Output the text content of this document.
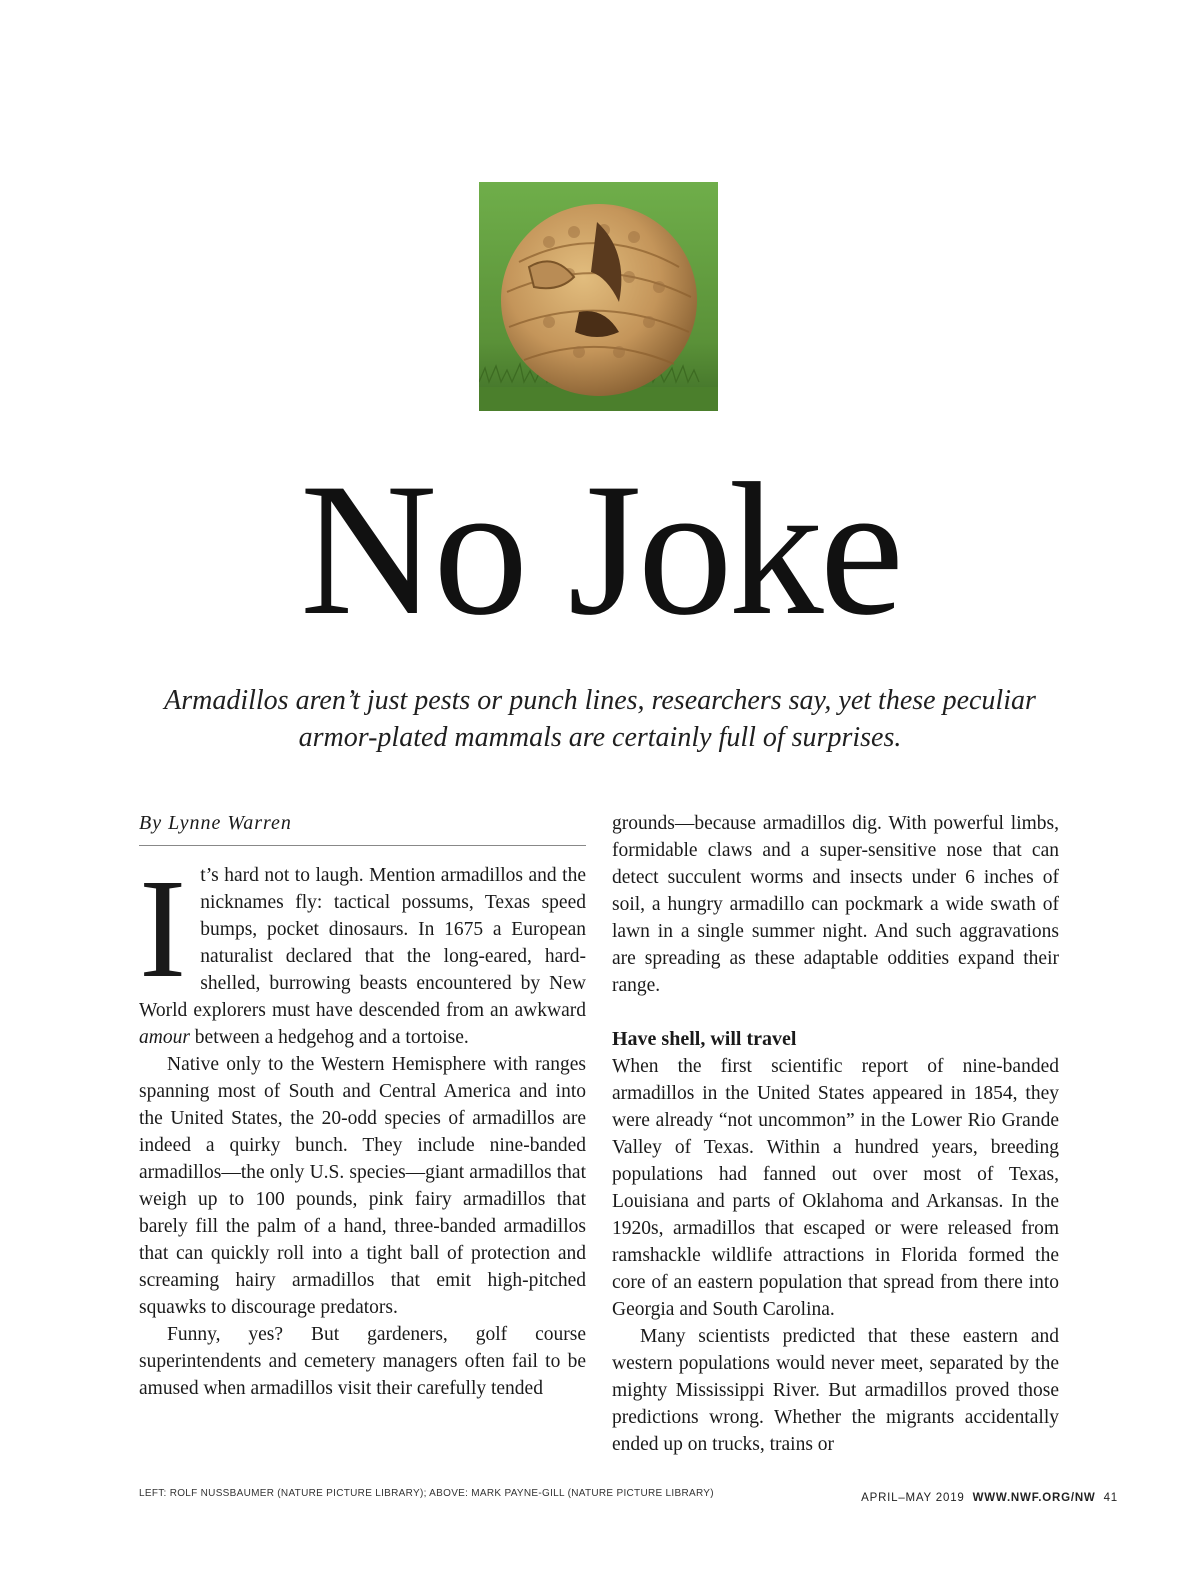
No Joke

Armadillos aren’t just pests or punch lines, researchers say, yet these peculiar armor-plated mammals are certainly full of surprises.

By Lynne Warren

It’s hard not to laugh. Mention armadillos and the nicknames fly: tactical possums, Texas speed bumps, pocket dinosaurs. In 1675 a European naturalist declared that the long-eared, hard-shelled, burrowing beasts encountered by New World explorers must have descended from an awkward amour between a hedgehog and a tortoise.

Native only to the Western Hemisphere with ranges spanning most of South and Central America and into the United States, the 20-odd species of armadillos are indeed a quirky bunch. They include nine-banded armadillos—the only U.S. species—giant armadillos that weigh up to 100 pounds, pink fairy armadillos that barely fill the palm of a hand, three-banded armadillos that can quickly roll into a tight ball of protection and screaming hairy armadillos that emit high-pitched squawks to discourage predators.

Funny, yes? But gardeners, golf course superintendents and cemetery managers often fail to be amused when armadillos visit their carefully tended

grounds—because armadillos dig. With powerful limbs, formidable claws and a super-sensitive nose that can detect succulent worms and insects under 6 inches of soil, a hungry armadillo can pockmark a wide swath of lawn in a single summer night. And such aggravations are spreading as these adaptable oddities expand their range.

Have shell, will travel

When the first scientific report of nine-banded armadillos in the United States appeared in 1854, they were already “not uncommon” in the Lower Rio Grande Valley of Texas. Within a hundred years, breeding populations had fanned out over most of Texas, Louisiana and parts of Oklahoma and Arkansas. In the 1920s, armadillos that escaped or were released from ramshackle wildlife attractions in Florida formed the core of an eastern population that spread from there into Georgia and South Carolina.

Many scientists predicted that these eastern and western populations would never meet, separated by the mighty Mississippi River. But armadillos proved those predictions wrong. Whether the migrants accidentally ended up on trucks, trains or

LEFT: ROLF NUSSBAUMER (NATURE PICTURE LIBRARY); ABOVE: MARK PAYNE-GILL (NATURE PICTURE LIBRARY)	APRIL–MAY 2019 WWW.NWF.ORG/NW 41
